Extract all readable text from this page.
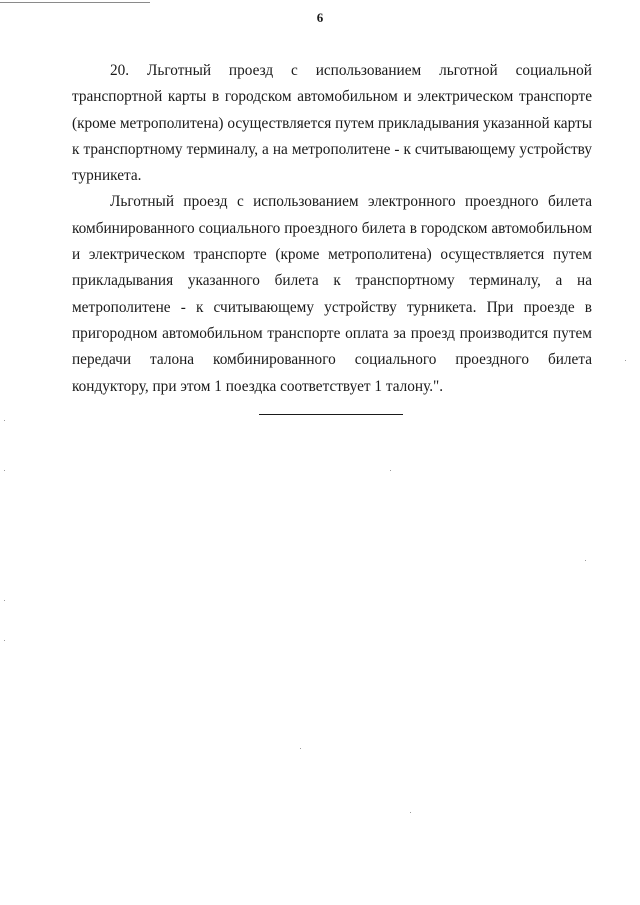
6

20. Льготный проезд с использованием льготной социальной транспортной карты в городском автомобильном и электрическом транспорте (кроме метрополитена) осуществляется путем прикладывания указанной карты к транспортному терминалу, а на метрополитене - к считывающему устройству турникета.

Льготный проезд с использованием электронного проездного билета комбинированного социального проездного билета в городском автомобильном и электрическом транспорте (кроме метрополитена) осуществляется путем прикладывания указанного билета к транспортному терминалу, а на метрополитене - к считывающему устройству турникета. При проезде в пригородном автомобильном транспорте оплата за проезд производится путем передачи талона комбинированного социального проездного билета кондуктору, при этом 1 поездка соответствует 1 талону.".
